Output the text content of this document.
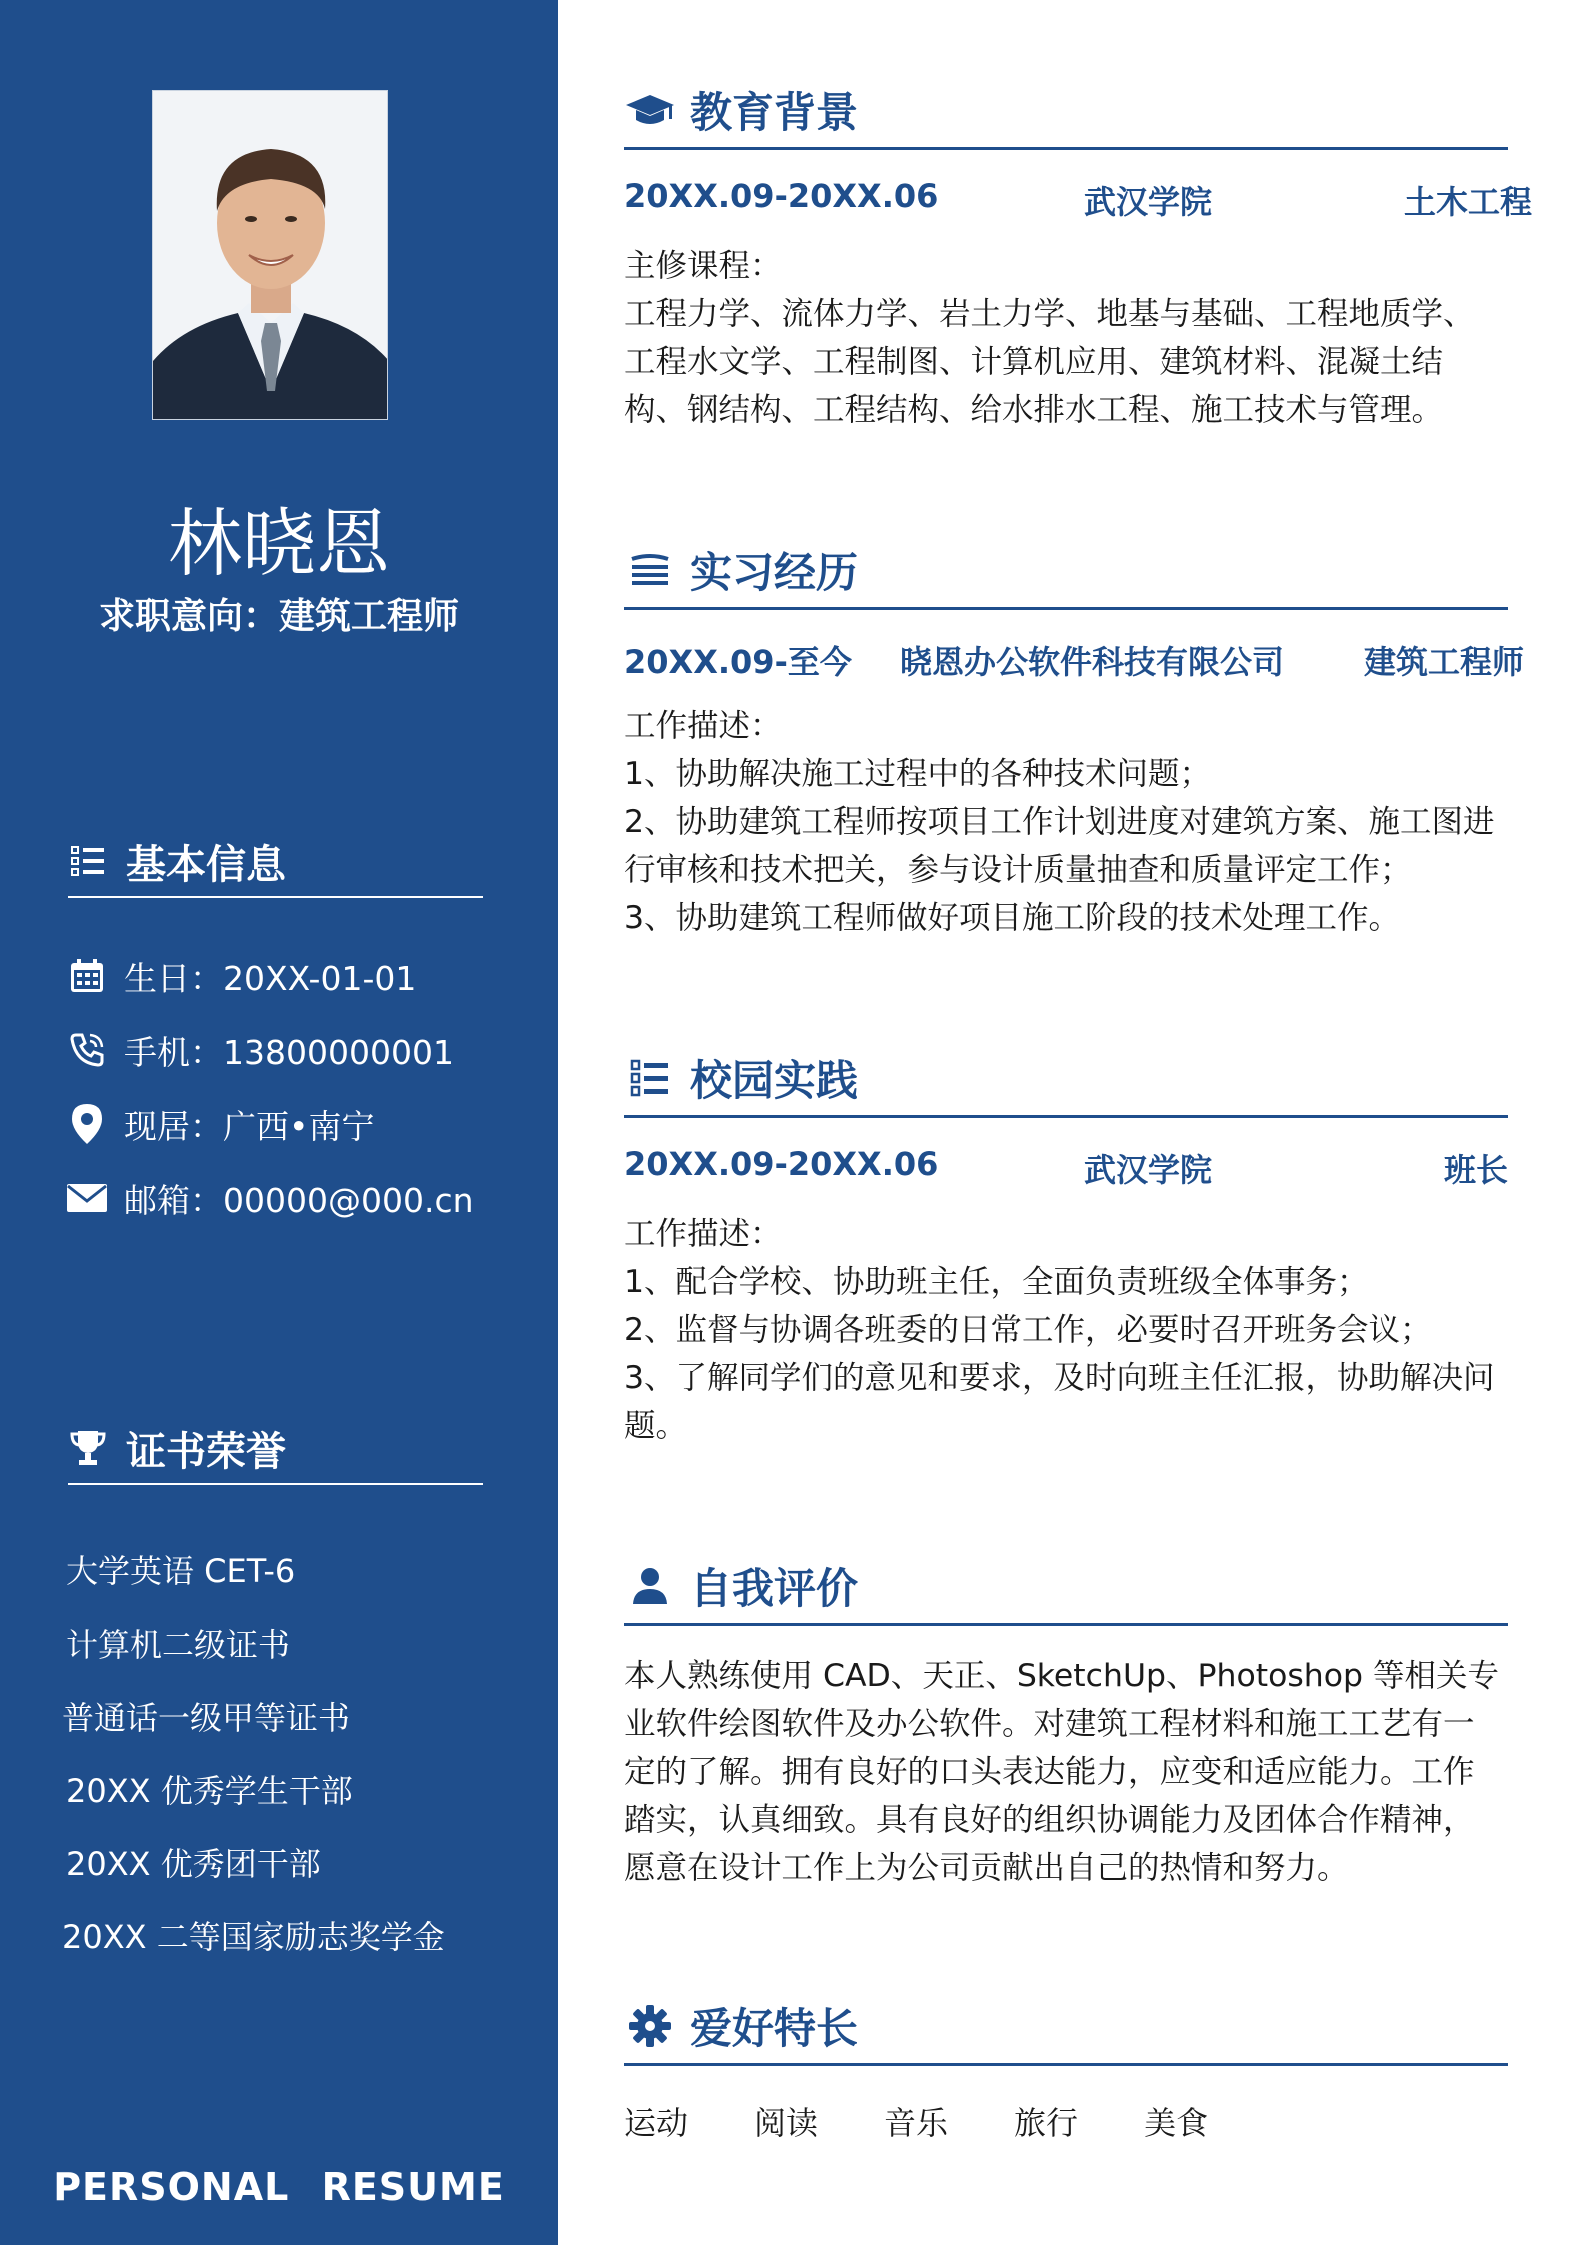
林晓恩
求职意向：建筑工程师
基本信息
生日：20XX-01-01
手机：13800000001
现居：广西•南宁
邮箱：00000@000.cn
证书荣誉
大学英语 CET-6
计算机二级证书
普通话一级甲等证书
20XX 优秀学生干部
20XX 优秀团干部
20XX 二等国家励志奖学金
PERSONAL RESUME
教育背景
20XX.09-20XX.06	武汉学院	土木工程

主修课程：

工程力学、流体力学、岩土力学、地基与基础、工程地质学、工程水文学、工程制图、计算机应用、建筑材料、混凝土结构、钢结构、工程结构、给水排水工程、施工技术与管理。

实习经历
20XX.09-至今 晓恩办公软件科技有限公司 建筑工程师

工作描述：

1、协助解决施工过程中的各种技术问题；

2、协助建筑工程师按项目工作计划进度对建筑方案、施工图进行审核和技术把关，参与设计质量抽查和质量评定工作；

3、协助建筑工程师做好项目施工阶段的技术处理工作。

校园实践
20XX.09-20XX.06	武汉学院	班长

工作描述：

1、配合学校、协助班主任，全面负责班级全体事务；

2、监督与协调各班委的日常工作，必要时召开班务会议；

3、了解同学们的意见和要求，及时向班主任汇报，协助解决问题。

自我评价
本人熟练使用 CAD、天正、SketchUp、Photoshop 等相关专业软件绘图软件及办公软件。对建筑工程材料和施工工艺有一定的了解。拥有良好的口头表达能力，应变和适应能力。工作踏实，认真细致。具有良好的组织协调能力及团体合作精神，愿意在设计工作上为公司贡献出自己的热情和努力。
爱好特长
运动 阅读 音乐 旅行 美食
